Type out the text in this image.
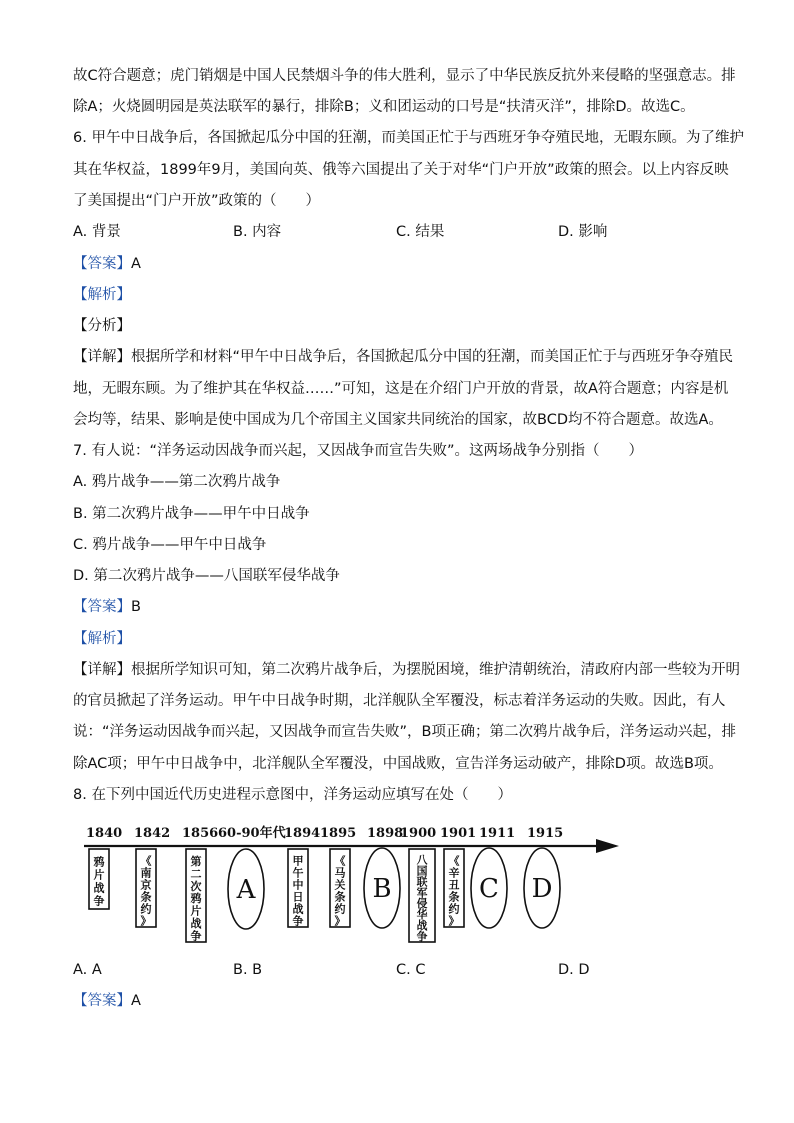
故C符合题意；虎门销烟是中国人民禁烟斗争的伟大胜利，显示了中华民族反抗外来侵略的坚强意志。排
除A；火烧圆明园是英法联军的暴行，排除B；义和团运动的口号是“扶清灭洋”，排除D。故选C。
6. 甲午中日战争后，各国掀起瓜分中国的狂潮，而美国正忙于与西班牙争夺殖民地，无暇东顾。为了维护
其在华权益，1899年9月，美国向英、俄等六国提出了关于对华“门户开放”政策的照会。以上内容反映
了美国提出“门户开放”政策的（　　）
A. 背景	B. 内容	C. 结果	D. 影响
【答案】A
【解析】
【分析】
【详解】根据所学和材料“甲午中日战争后，各国掀起瓜分中国的狂潮，而美国正忙于与西班牙争夺殖民
地，无暇东顾。为了维护其在华权益……”可知，这是在介绍门户开放的背景，故A符合题意；内容是机
会均等，结果、影响是使中国成为几个帝国主义国家共同统治的国家，故BCD均不符合题意。故选A。
7. 有人说：“洋务运动因战争而兴起，又因战争而宣告失败”。这两场战争分别指（　　）
A. 鸦片战争——第二次鸦片战争
B. 第二次鸦片战争——甲午中日战争
C. 鸦片战争——甲午中日战争
D. 第二次鸦片战争——八国联军侵华战争
【答案】B
【解析】
【详解】根据所学知识可知，第二次鸦片战争后，为摆脱困境，维护清朝统治，清政府内部一些较为开明
的官员掀起了洋务运动。甲午中日战争时期，北洋舰队全军覆没，标志着洋务运动的失败。因此，有人
说：“洋务运动因战争而兴起，又因战争而宣告失败”，B项正确；第二次鸦片战争后，洋务运动兴起，排
除AC项；甲午中日战争中，北洋舰队全军覆没，中国战败，宣告洋务运动破产，排除D项。故选B项。
8. 在下列中国近代历史进程示意图中，洋务运动应填写在处（　　）
1840 1842 1856 60-90年代
1894 1895 1898
1900 1901 1911 1915
鸦
片
战
争
《
南
京
条
约
》
第
二
次
鸦
片
战
争
甲
午
中
日
战
争
《
马
关
条
约
》
八
国
联
军
侵
华
战
争
《
辛
丑
条
约
》
A	B	C D
A. A	B. B	C. C	D. D
【答案】A
